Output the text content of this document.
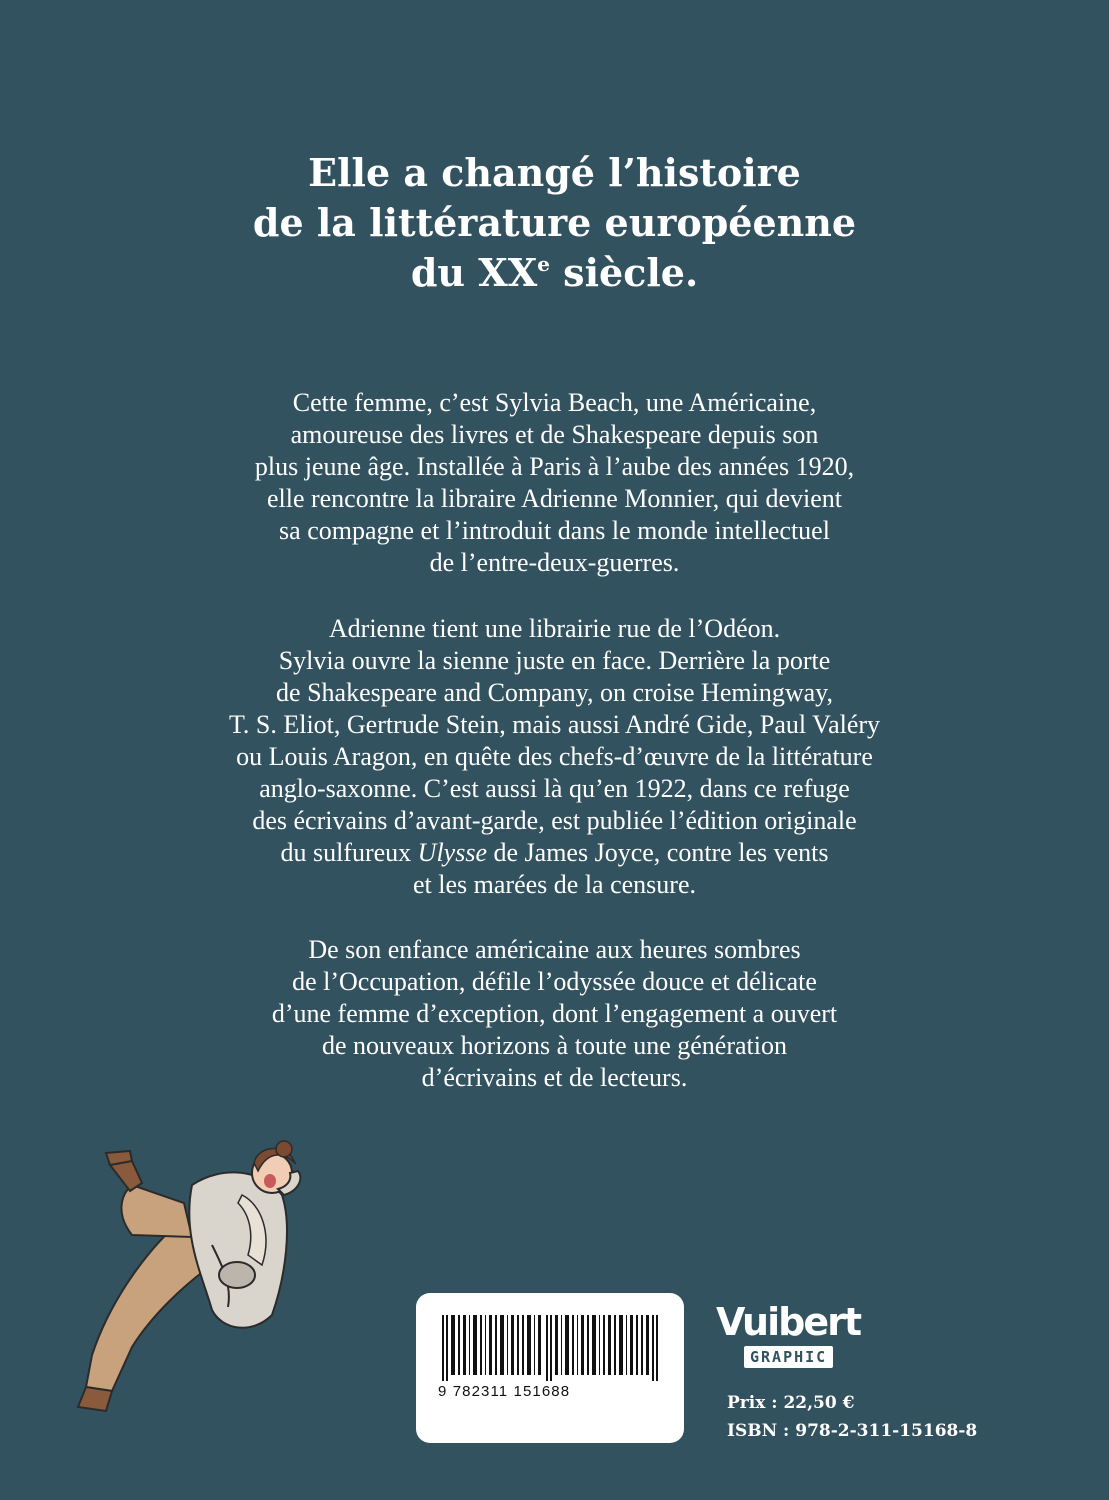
Elle a changé l’histoire
de la littérature européenne
du XXe siècle.
Cette femme, c’est Sylvia Beach, une Américaine,
amoureuse des livres et de Shakespeare depuis son
plus jeune âge. Installée à Paris à l’aube des années 1920,
elle rencontre la libraire Adrienne Monnier, qui devient
sa compagne et l’introduit dans le monde intellectuel
de l’entre-deux-guerres.
Adrienne tient une librairie rue de l’Odéon.
Sylvia ouvre la sienne juste en face. Derrière la porte
de Shakespeare and Company, on croise Hemingway,
T. S. Eliot, Gertrude Stein, mais aussi André Gide, Paul Valéry
ou Louis Aragon, en quête des chefs-d’œuvre de la littérature
anglo-saxonne. C’est aussi là qu’en 1922, dans ce refuge
des écrivains d’avant-garde, est publiée l’édition originale
du sulfureux Ulysse de James Joyce, contre les vents
et les marées de la censure.
De son enfance américaine aux heures sombres
de l’Occupation, défile l’odyssée douce et délicate
d’une femme d’exception, dont l’engagement a ouvert
de nouveaux horizons à toute une génération
d’écrivains et de lecteurs.
9 782311 151688
Vuibert
GRAPHIC
Prix : 22,50 €
ISBN : 978-2-311-15168-8
